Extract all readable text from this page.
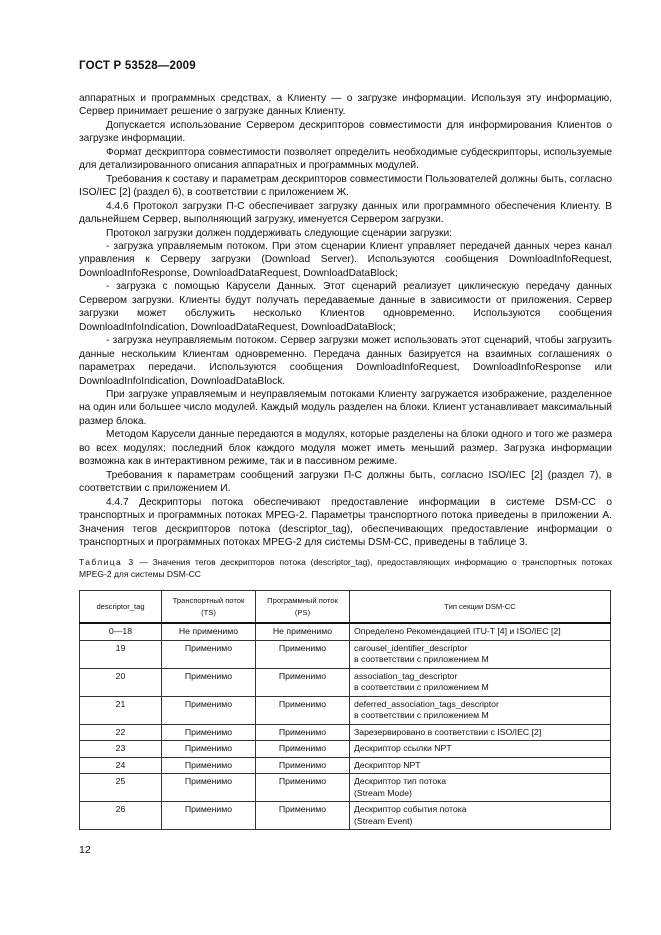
ГОСТ Р 53528—2009

аппаратных и программных средствах, а Клиенту — о загрузке информации. Используя эту информацию, Сервер принимает решение о загрузке данных Клиенту.

Допускается использование Сервером дескрипторов совместимости для информирования Клиентов о загрузке информации.

Формат дескриптора совместимости позволяет определить необходимые субдескрипторы, используемые для детализированного описания аппаратных и программных модулей.

Требования к составу и параметрам дескрипторов совместимости Пользователей должны быть, согласно ISO/IEC [2] (раздел 6), в соответствии с приложением Ж.

4.4.6 Протокол загрузки П-С обеспечивает загрузку данных или программного обеспечения Клиенту. В дальнейшем Сервер, выполняющий загрузку, именуется Сервером загрузки.

Протокол загрузки должен поддерживать следующие сценарии загрузки:

- загрузка управляемым потоком. При этом сценарии Клиент управляет передачей данных через канал управления к Серверу загрузки (Download Server). Используются сообщения DownloadInfoRequest, DownloadInfoResponse, DownloadDataRequest, DownloadDataBlock;

- загрузка с помощью Карусели Данных. Этот сценарий реализует циклическую передачу данных Сервером загрузки. Клиенты будут получать передаваемые данные в зависимости от приложения. Сервер загрузки может обслужить несколько Клиентов одновременно. Используются сообщения DownloadInfoIndication, DownloadDataRequest, DownloadDataBlock;

- загрузка неуправляемым потоком. Сервер загрузки может использовать этот сценарий, чтобы загрузить данные нескольким Клиентам одновременно. Передача данных базируется на взаимных соглашениях о параметрах передачи. Используются сообщения DownloadInfoRequest, DownloadInfoResponse или DownloadInfoIndication, DownloadDataBlock.

При загрузке управляемым и неуправляемым потоками Клиенту загружается изображение, разделенное на один или большее число модулей. Каждый модуль разделен на блоки. Клиент устанавливает максимальный размер блока.

Методом Карусели данные передаются в модулях, которые разделены на блоки одного и того же размера во всех модулях; последний блок каждого модуля может иметь меньший размер. Загрузка информации возможна как в интерактивном режиме, так и в пассивном режиме.

Требования к параметрам сообщений загрузки П-С должны быть, согласно ISO/IEC [2] (раздел 7), в соответствии с приложением И.

4.4.7 Дескрипторы потока обеспечивают предоставление информации в системе DSM-CC о транспортных и программных потоках MPEG-2. Параметры транспортного потока приведены в приложении А. Значения тегов дескрипторов потока (descriptor_tag), обеспечивающих предоставление информации о транспортных и программных потоках MPEG-2 для системы DSM-CC, приведены в таблице 3.

Таблица 3 — Значения тегов дескрипторов потока (descriptor_tag), предоставляющих информацию о транспортных потоках MPEG-2 для системы DSM-CC
descriptor_tag	Транспортный поток (TS)	Программный поток (PS)	Тип секции DSM-CC
0—18	Не применимо	Не применимо	Определено Рекомендацией ITU-T [4] и ISO/IEC [2]
19	Применимо	Применимо	carousel_identifier_descriptor
в соответствии с приложением М

20	Применимо	Применимо	association_tag_descriptor
в соответствии с приложением М

21	Применимо	Применимо	deferred_association_tags_descriptor
в соответствии с приложением М

22	Применимо	Применимо	Зарезервировано в соответствии с ISO/IEC [2]
23	Применимо	Применимо	Дескриптор ссылки NPT
24	Применимо	Применимо	Дескриптор NPT
25	Применимо	Применимо	Дескриптор тип потока
(Stream Mode)

26	Применимо	Применимо	Дескриптор события потока
(Stream Event)
12
